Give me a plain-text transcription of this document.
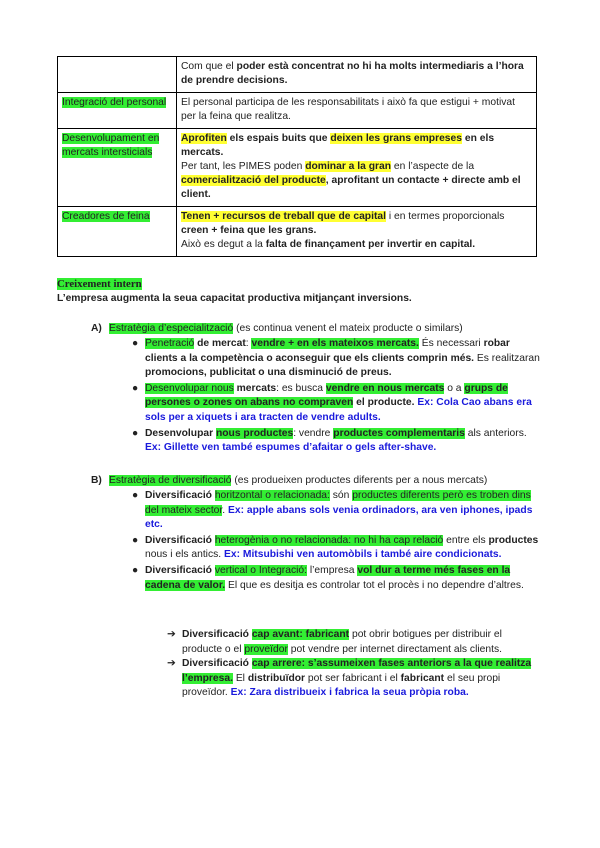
	Com que el poder està concentrat no hi ha molts intermediaris a l’hora de prendre decisions.
Integració del personal	El personal participa de les responsabilitats i això fa que estigui + motivat per la feina que realitza.
Desenvolupament en mercats intersticials	Aprofiten els espais buits que deixen les grans empreses en els mercats.
Per tant, les PIMES poden dominar a la gran en l’aspecte de la comercialització del producte, aprofitant un contacte + directe amb el client.

Creadores de feina	Tenen + recursos de treball que de capital i en termes proporcionals creen + feina que les grans.
Això es degut a la falta de finançament per invertir en capital.
Creixement intern
L’empresa augmenta la seua capacitat productiva mitjançant inversions.
A) Estratègia d’especialització (es continua venent el mateix producte o similars)
● Penetració de mercat: vendre + en els mateixos mercats. És necessari robar clients a la competència o aconseguir que els clients comprin més. Es realitzaran promocions, publicitat o una disminució de preus.
● Desenvolupar nous mercats: es busca vendre en nous mercats o a grups de persones o zones on abans no compraven el producte. Ex: Cola Cao abans era sols per a xiquets i ara tracten de vendre adults.
● Desenvolupar nous productes: vendre productes complementaris als anteriors. Ex: Gillette ven també espumes d’afaitar o gels after-shave.
B) Estratègia de diversificació (es produeixen productes diferents per a nous mercats)
● Diversificació horitzontal o relacionada: són productes diferents però es troben dins del mateix sector. Ex: apple abans sols venia ordinadors, ara ven iphones, ipads etc.
● Diversificació heterogènia o no relacionada: no hi ha cap relació entre els productes nous i els antics. Ex: Mitsubishi ven automòbils i també aire condicionats.
● Diversificació vertical o Integració: l’empresa vol dur a terme més fases en la cadena de valor. El que es desitja es controlar tot el procès i no dependre d’altres.
➔ Diversificació cap avant: fabricant pot obrir botigues per distribuir el producte o el proveïdor pot vendre per internet directament als clients.
➔ Diversificació cap arrere: s’assumeixen fases anteriors a la que realitza l’empresa. El distribuïdor pot ser fabricant i el fabricant el seu propi proveïdor. Ex: Zara distribueix i fabrica la seua pròpia roba.
